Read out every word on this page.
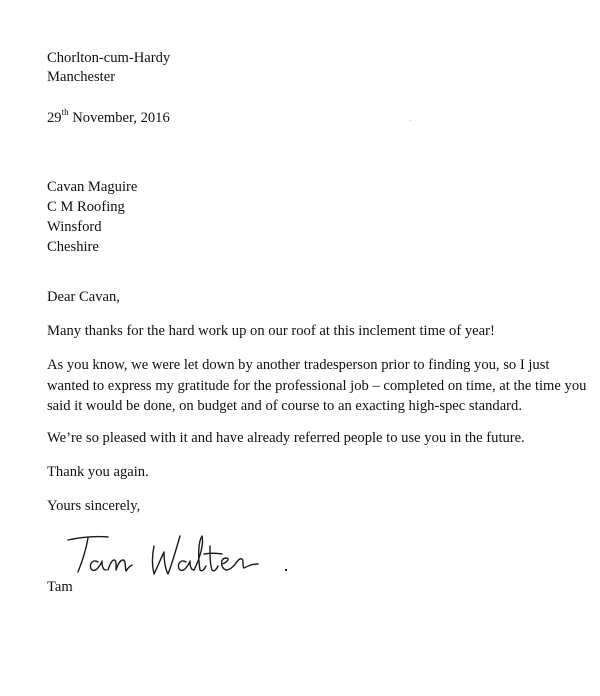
Chorlton-cum-Hardy
Manchester
29th November, 2016
Cavan Maguire
C M Roofing
Winsford
Cheshire
Dear Cavan,
Many thanks for the hard work up on our roof at this inclement time of year!
As you know, we were let down by another tradesperson prior to finding you, so I just wanted to express my gratitude for the professional job – completed on time, at the time you said it would be done, on budget and of course to an exacting high-spec standard.
We’re so pleased with it and have already referred people to use you in the future.
Thank you again.
Yours sincerely,
Tam
